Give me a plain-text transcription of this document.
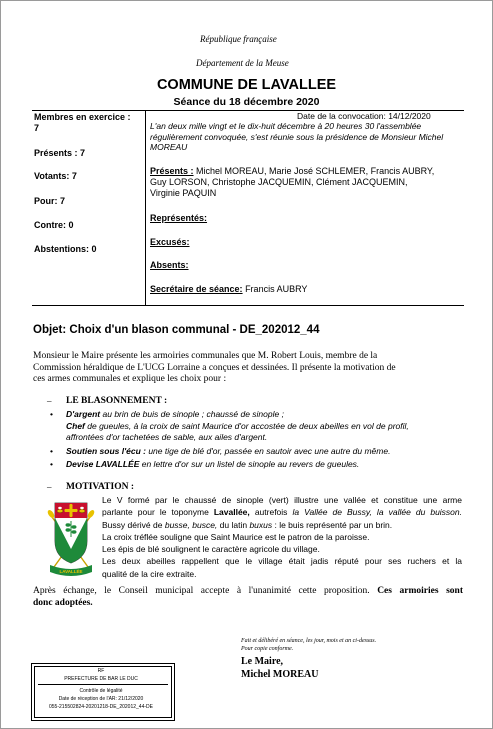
République française
Département de la Meuse
COMMUNE DE LAVALLEE
Séance du 18 décembre 2020
Membres en exercice :
7
Présents : 7
Votants: 7
Pour: 7
Contre: 0
Abstentions: 0
Date de la convocation: 14/12/2020
L'an deux mille vingt et le dix-huit décembre à 20 heures 30 l'assemblée
régulièrement convoquée, s'est réunie sous la présidence de Monsieur Michel
MOREAU
Présents : Michel MOREAU, Marie José SCHLEMER, Francis AUBRY,
Guy LORSON, Christophe JACQUEMIN, Clément JACQUEMIN,
Virginie PAQUIN
Représentés:
Excusés:
Absents:
Secrétaire de séance: Francis AUBRY
Objet: Choix d'un blason communal - DE_202012_44
Monsieur le Maire présente les armoiries communales que M. Robert Louis, membre de la
Commission héraldique de L'UCG Lorraine a conçues et dessinées. Il présente la motivation de
ces armes communales et explique les choix pour :
– LE BLASONNEMENT :
• D'argent au brin de buis de sinople ; chaussé de sinople ;
Chef de gueules, à la croix de saint Maurice d'or accostée de deux abeilles en vol de profil,
affrontées d'or tachetées de sable, aux ailes d'argent.
• Soutien sous l'écu : une tige de blé d'or, passée en sautoir avec une autre du même.
• Devise LAVALLÉE en lettre d'or sur un listel de sinople au revers de gueules.
– MOTIVATION :
LAVALLÉE
Le V formé par le chaussé de sinople (vert) illustre une vallée et constitue une arme
parlante pour le toponyme Lavallée, autrefois la Vallée de Bussy, la vallée du buisson.
Bussy dérivé de busse, busce, du latin buxus : le buis représenté par un brin.
La croix tréflée souligne que Saint Maurice est le patron de la paroisse.
Les épis de blé soulignent le caractère agricole du village.
Les deux abeilles rappellent que le village était jadis réputé pour ses ruchers et la
qualité de la cire extraite.
Après échange, le Conseil municipal accepte à l'unanimité cette proposition. Ces armoiries sont
donc adoptées.
Fait et délibéré en séance, les jour, mois et an ci-dessus.
Pour copie conforme.
Le Maire,
Michel MOREAU
RF
PREFECTURE DE BAR LE DUC
Contrôle de légalité
Date de réception de l'AR: 21/12/2020
055-215502824-20201218-DE_202012_44-DE
